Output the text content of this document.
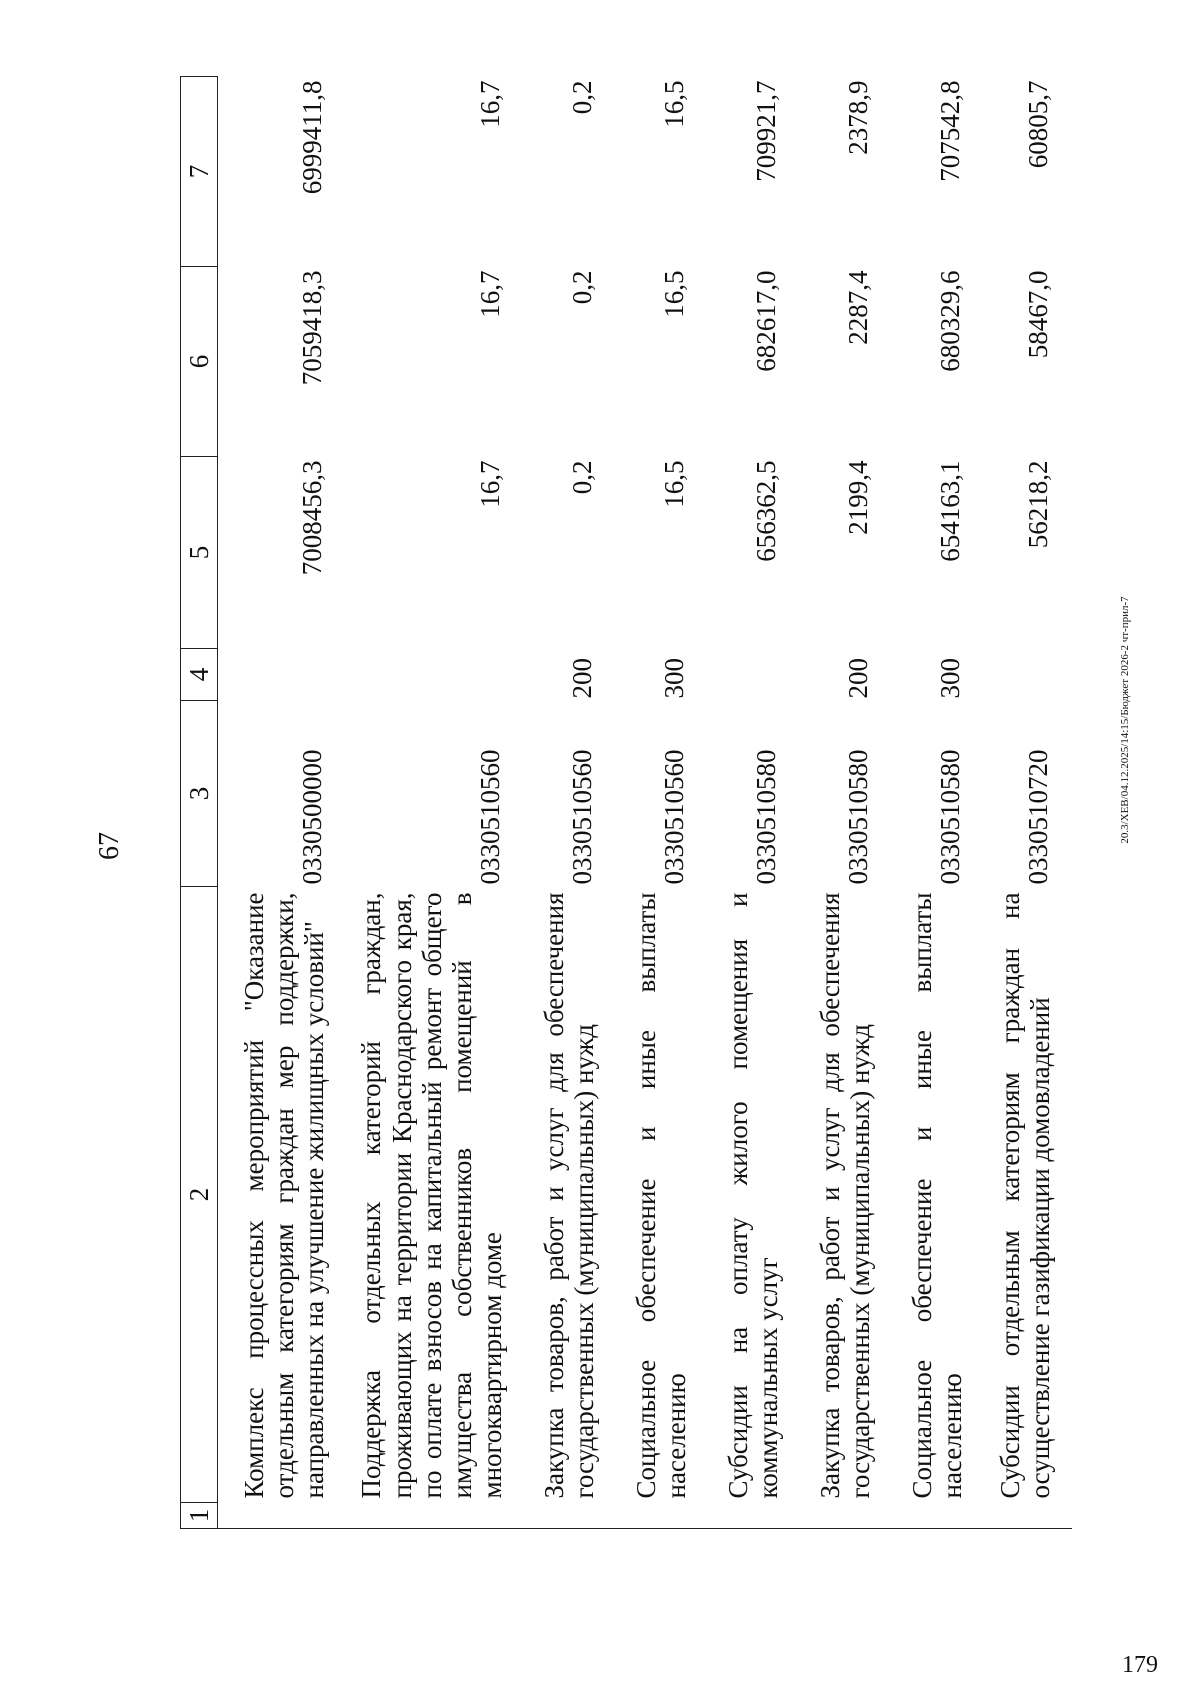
67
1	2	3	4	5	6	7
	Комплекс процессных мероприятий "Оказание отдельным категориям граждан мер поддержки, направленных на улучшение жилищных условий"	0330500000		7008456,3	7059418,3	6999411,8
	Поддержка отдельных категорий граждан, проживающих на территории Краснодарского края, по оплате взносов на капитальный ремонт общего имущества собственников помещений в многоквартирном доме	0330510560		16,7	16,7	16,7
	Закупка товаров, работ и услуг для обеспечения государственных (муниципальных) нужд	0330510560	200	0,2	0,2	0,2
	Социальное обеспечение и иные выплаты населению	0330510560	300	16,5	16,5	16,5
	Субсидии на оплату жилого помещения и коммунальных услуг	0330510580		656362,5	682617,0	709921,7
	Закупка товаров, работ и услуг для обеспечения государственных (муниципальных) нужд	0330510580	200	2199,4	2287,4	2378,9
	Социальное обеспечение и иные выплаты населению	0330510580	300	654163,1	680329,6	707542,8
	Субсидии отдельным категориям граждан на осуществление газификации домовладений	0330510720		56218,2	58467,0	60805,7
20.3/ХЕВ/04.12.2025/14:15/Бюджет 2026-2 чт-прил-7
179
